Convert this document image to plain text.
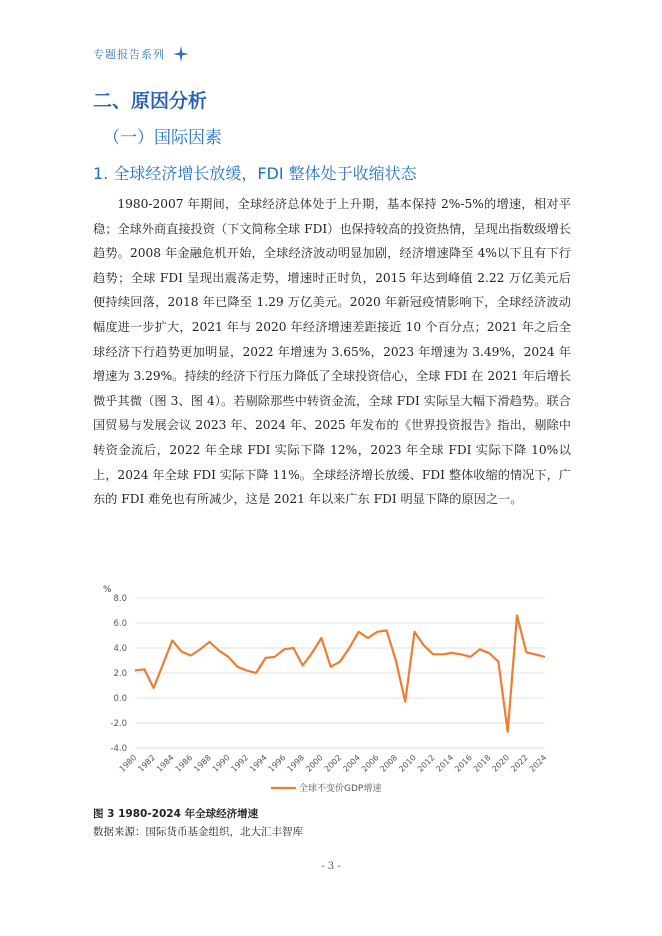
专题报告系列
二、原因分析
（一）国际因素
1. 全球经济增长放缓，FDI 整体处于收缩状态
1980-2007 年期间，全球经济总体处于上升期，基本保持 2%-5%的增速，相对平稳；全球外商直接投资（下文简称全球 FDI）也保持较高的投资热情，呈现出指数级增长趋势。2008 年金融危机开始，全球经济波动明显加剧，经济增速降至 4%以下且有下行趋势；全球 FDI 呈现出震荡走势，增速时正时负，2015 年达到峰值 2.22 万亿美元后便持续回落，2018 年已降至 1.29 万亿美元。2020 年新冠疫情影响下，全球经济波动幅度进一步扩大，2021 年与 2020 年经济增速差距接近 10 个百分点；2021 年之后全球经济下行趋势更加明显，2022 年增速为 3.65%，2023 年增速为 3.49%，2024 年增速为 3.29%。持续的经济下行压力降低了全球投资信心，全球 FDI 在 2021 年后增长微乎其微（图 3、图 4）。若剔除那些中转资金流，全球 FDI 实际呈大幅下滑趋势。联合国贸易与发展会议 2023 年、2024 年、2025 年发布的《世界投资报告》指出，剔除中转资金流后，2022 年全球 FDI 实际下降 12%，2023 年全球 FDI 实际下降 10%以上，2024 年全球 FDI 实际下降 11%。全球经济增长放缓、FDI 整体收缩的情况下，广东的 FDI 难免也有所减少，这是 2021 年以来广东 FDI 明显下降的原因之一。
%
8.0
6.0
4.0
2.0
0.0
-2.0
-4.0
1980
1982
1984
1986
1988
1990
1992
1994
1996
1998
2000
2002
2004
2006
2008
2010
2012
2014
2016
2018
2020
2022
2024
全球不变价GDP增速
图 3 1980-2024 年全球经济增速
数据来源：国际货币基金组织，北大汇丰智库
- 3 -
